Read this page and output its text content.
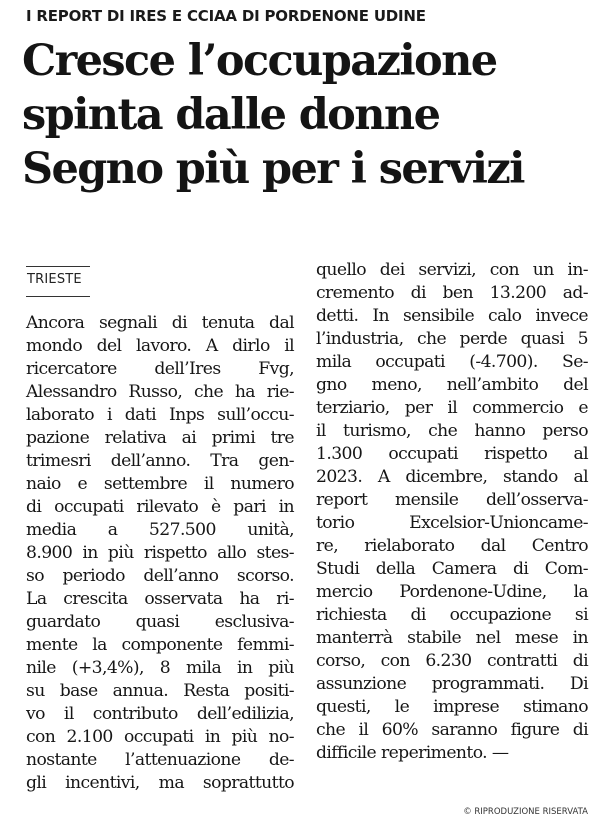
I REPORT DI IRES E CCIAA DI PORDENONE UDINE
Cresce l’occupazione
spinta dalle donne
Segno più per i servizi
TRIESTE
Ancora segnali di tenuta dal
mondo del lavoro. A dirlo il
ricercatore dell’Ires Fvg,
Alessandro Russo, che ha rie-
laborato i dati Inps sull’occu-
pazione relativa ai primi tre
trimesri dell’anno. Tra gen-
naio e settembre il numero
di occupati rilevato è pari in
media a 527.500 unità,
8.900 in più rispetto allo stes-
so periodo dell’anno scorso.
La crescita osservata ha ri-
guardato quasi esclusiva-
mente la componente femmi-
nile (+3,4%), 8 mila in più
su base annua. Resta positi-
vo il contributo dell’edilizia,
con 2.100 occupati in più no-
nostante l’attenuazione de-
gli incentivi, ma soprattutto
quello dei servizi, con un in-
cremento di ben 13.200 ad-
detti. In sensibile calo invece
l’industria, che perde quasi 5
mila occupati (-4.700). Se-
gno meno, nell’ambito del
terziario, per il commercio e
il turismo, che hanno perso
1.300 occupati rispetto al
2023. A dicembre, stando al
report mensile dell’osserva-
torio Excelsior-Unioncame-
re, rielaborato dal Centro
Studi della Camera di Com-
mercio Pordenone-Udine, la
richiesta di occupazione si
manterrà stabile nel mese in
corso, con 6.230 contratti di
assunzione programmati. Di
questi, le imprese stimano
che il 60% saranno figure di
difficile reperimento. —
© RIPRODUZIONE RISERVATA
